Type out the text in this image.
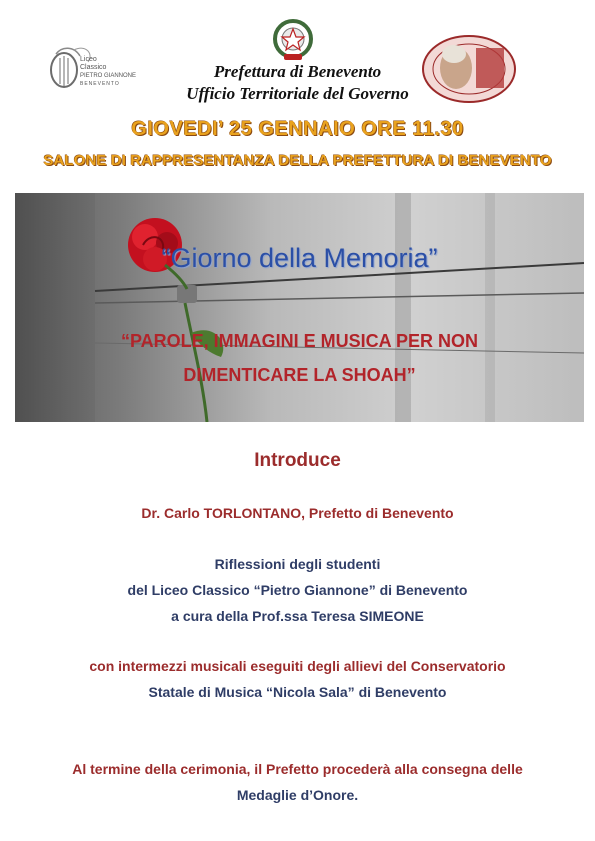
Liceo
Classico
PIETRO GIANNONE
BENEVENTO
Prefettura di Benevento
Ufficio Territoriale del Governo
GIOVEDI’ 25 GENNAIO ORE 11.30
SALONE DI RAPPRESENTANZA DELLA PREFETTURA DI BENEVENTO
“Giorno della Memoria”
“PAROLE, IMMAGINI E MUSICA PER NON
DIMENTICARE LA SHOAH”
Introduce
Dr. Carlo TORLONTANO, Prefetto di Benevento
Riflessioni degli studenti
del Liceo Classico “Pietro Giannone” di Benevento
a cura della Prof.ssa Teresa SIMEONE
con intermezzi musicali eseguiti degli allievi del Conservatorio
Statale di Musica “Nicola Sala” di Benevento
Al termine della cerimonia, il Prefetto procederà alla consegna delle
Medaglie d’Onore.
